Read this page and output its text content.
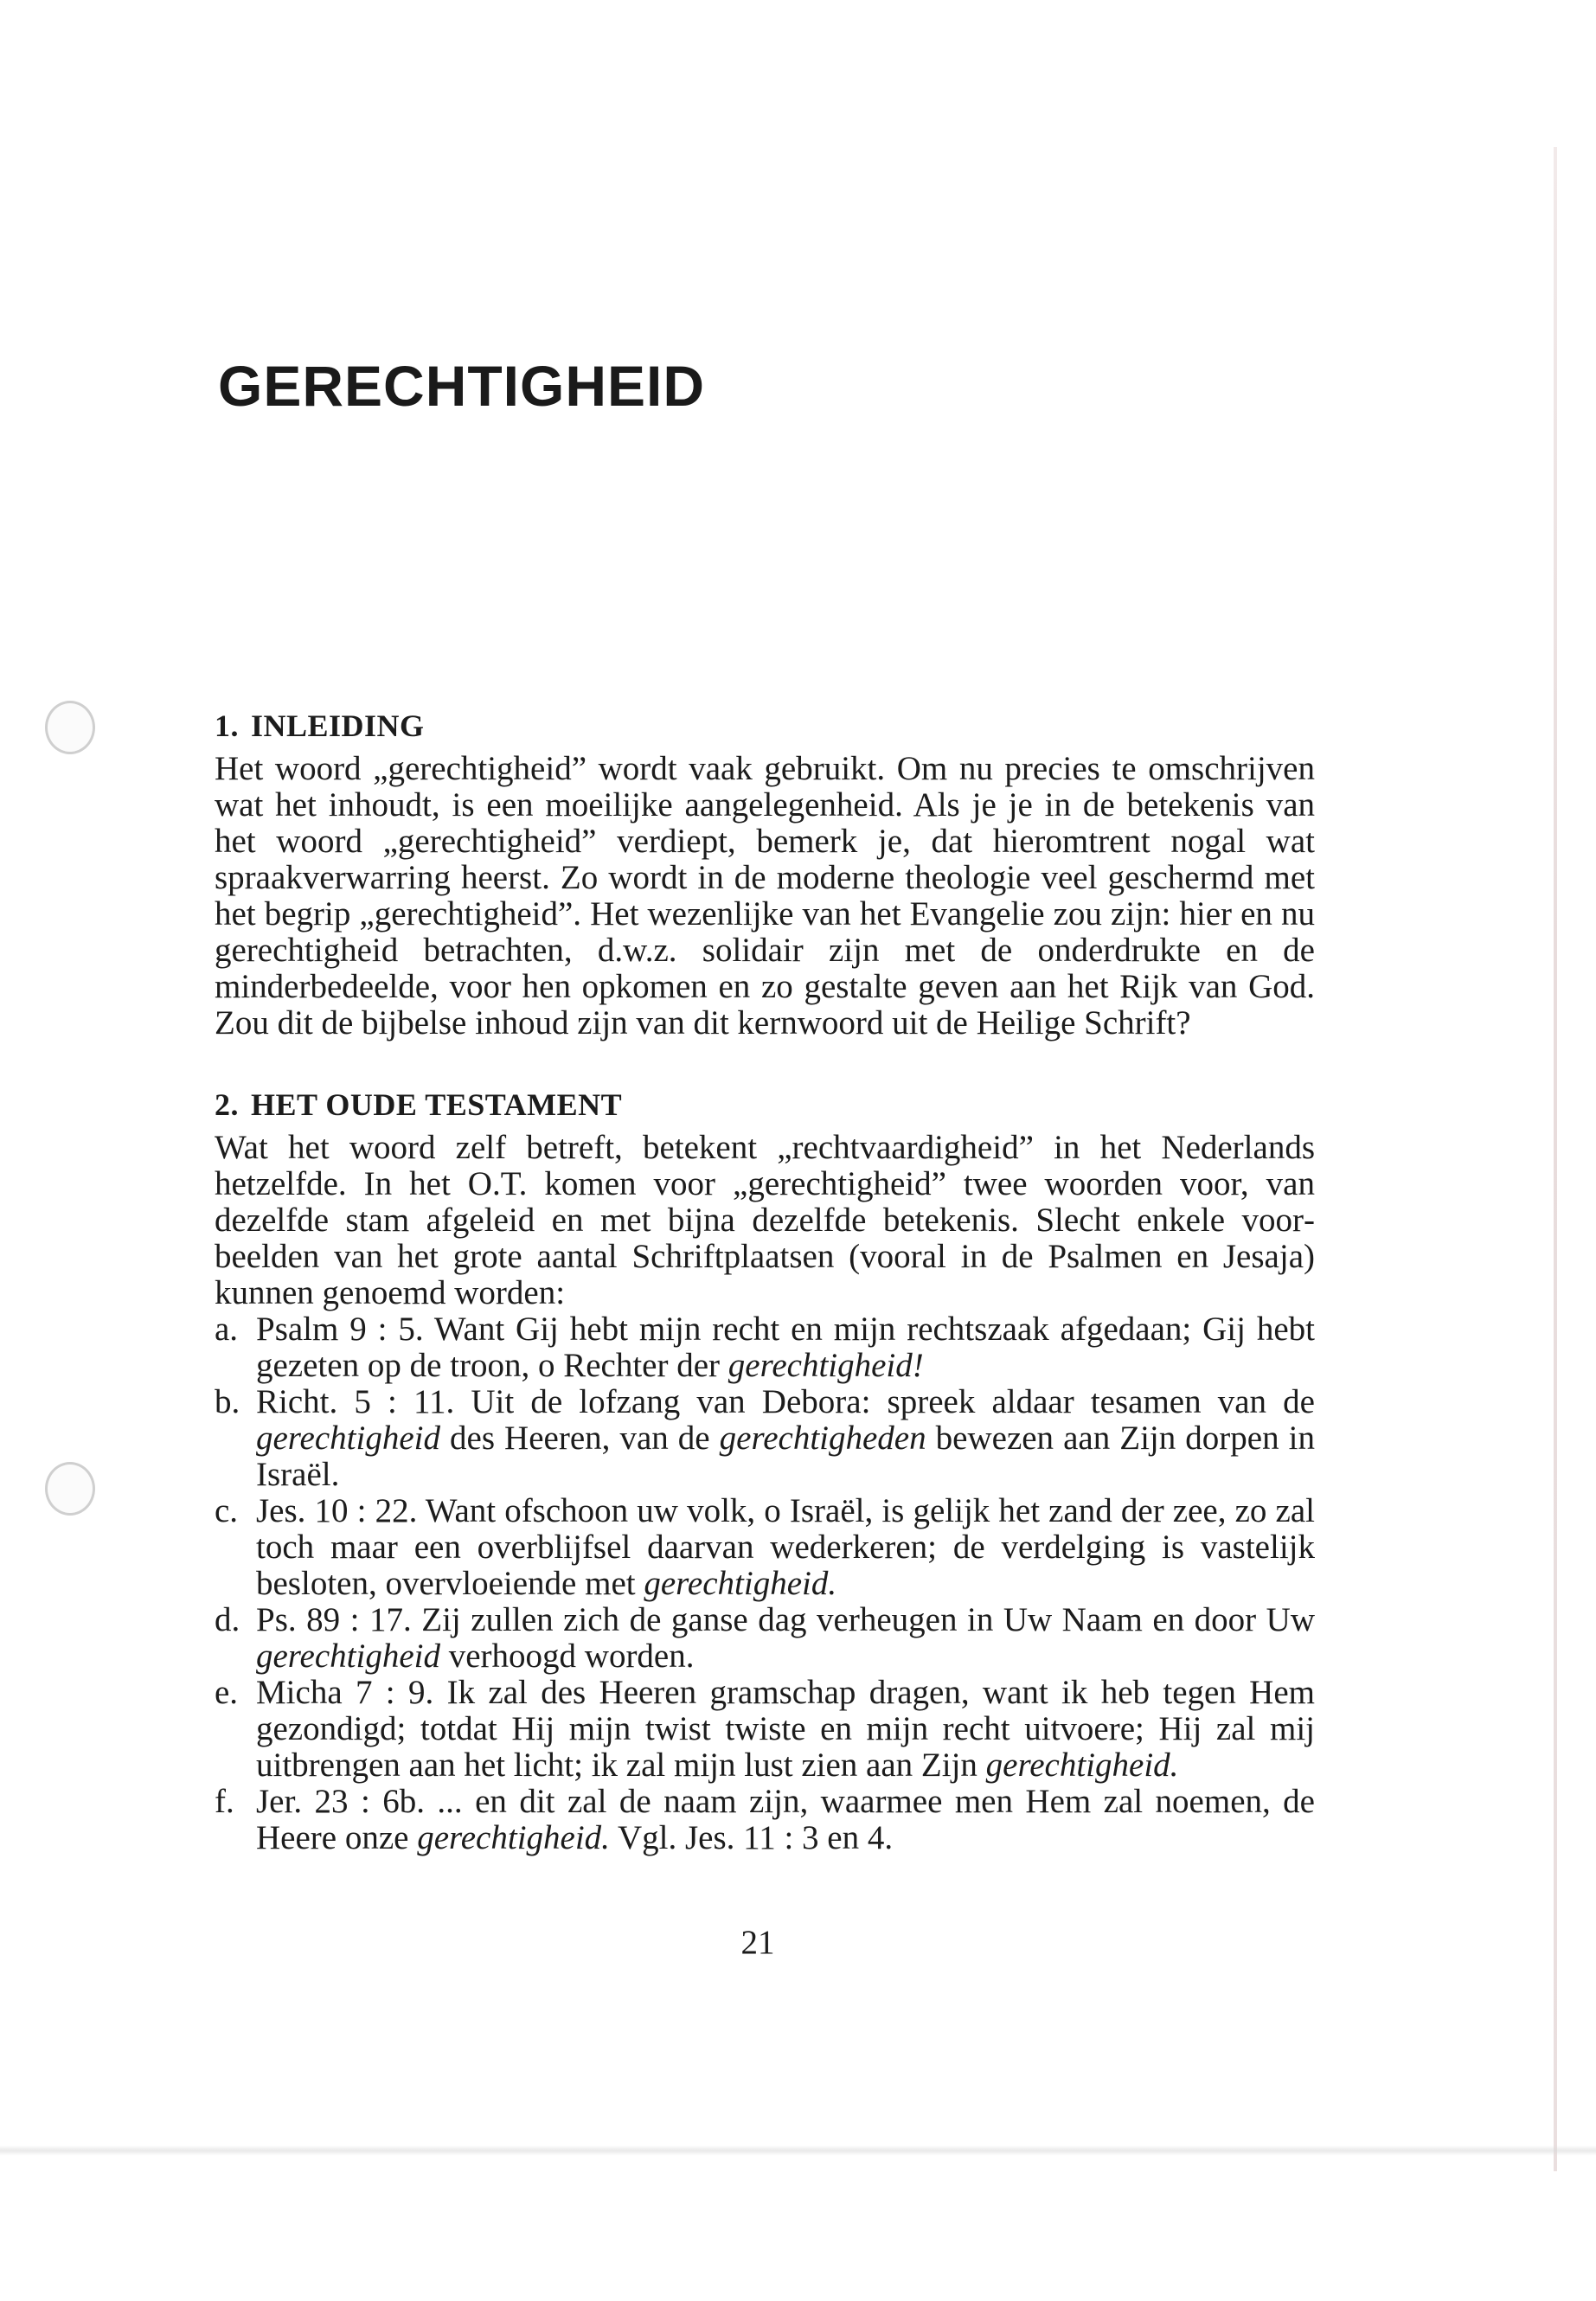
GERECHTIGHEID
1. INLEIDING

Het woord „gerechtigheid” wordt vaak gebruikt. Om nu precies te omschrijven wat het inhoudt, is een moeilijke aangelegenheid. Als je je in de betekenis van het woord „gerechtigheid” verdiept, bemerk je, dat hieromtrent nogal wat spraakverwarring heerst. Zo wordt in de moderne theologie veel geschermd met het begrip „gerechtigheid”. Het wezenlijke van het Evangelie zou zijn: hier en nu gerechtigheid betrachten, d.w.z. solidair zijn met de onderdrukte en de minderbedeelde, voor hen opkomen en zo gestalte geven aan het Rijk van God. Zou dit de bijbelse inhoud zijn van dit kernwoord uit de Heilige Schrift?

2. HET OUDE TESTAMENT

Wat het woord zelf betreft, betekent „rechtvaardigheid” in het Nederlands hetzelfde. In het O.T. komen voor „gerechtigheid” twee woorden voor, van dezelfde stam afgeleid en met bijna dezelfde betekenis. Slecht enkele voorbeelden van het grote aantal Schriftplaatsen (vooral in de Psalmen en Jesaja) kunnen genoemd worden:

a. Psalm 9 : 5. Want Gij hebt mijn recht en mijn rechtszaak afgedaan; Gij hebt gezeten op de troon, o Rechter der gerechtigheid!
b. Richt. 5 : 11. Uit de lofzang van Debora: spreek aldaar tesamen van de gerechtigheid des Heeren, van de gerechtigheden bewezen aan Zijn dorpen in Israël.
c. Jes. 10 : 22. Want ofschoon uw volk, o Israël, is gelijk het zand der zee, zo zal toch maar een overblijfsel daarvan wederkeren; de verdelging is vastelijk besloten, overvloeiende met gerechtigheid.
d. Ps. 89 : 17. Zij zullen zich de ganse dag verheugen in Uw Naam en door Uw gerechtigheid verhoogd worden.
e. Micha 7 : 9. Ik zal des Heeren gramschap dragen, want ik heb tegen Hem gezondigd; totdat Hij mijn twist twiste en mijn recht uitvoere; Hij zal mij uitbrengen aan het licht; ik zal mijn lust zien aan Zijn gerechtigheid.
f. Jer. 23 : 6b. ... en dit zal de naam zijn, waarmee men Hem zal noemen, de Heere onze gerechtigheid. Vgl. Jes. 11 : 3 en 4.

21
